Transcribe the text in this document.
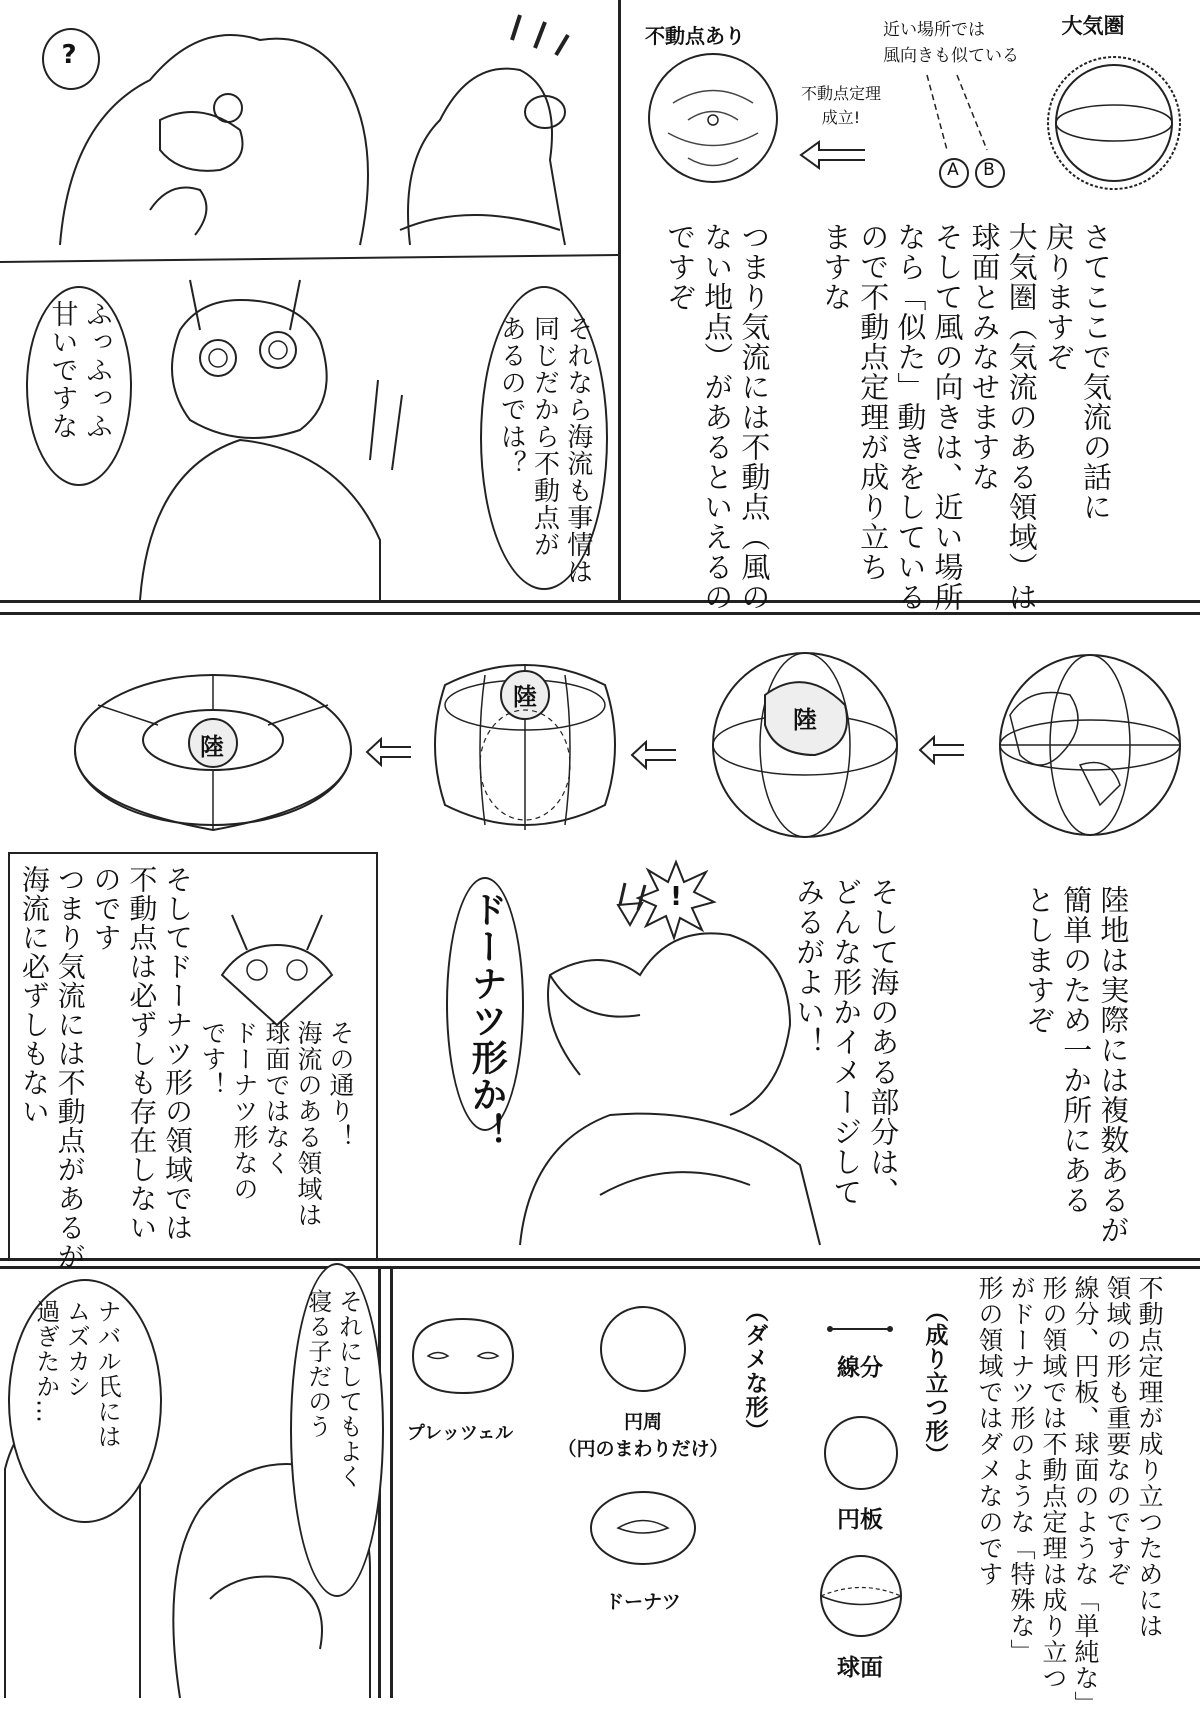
?
ふっふっふ
甘いですな	それなら海流も事情は
同じだから不動点が
あるのでは？
不動点あり
不動点定理
成立!
近い場所では
風向きも似ている
A	B
大気圏
さてここで気流の話に
戻りますぞ
大気圏（気流のある領域）は
球面とみなせますな
そして風の向きは、近い場所
なら「似た」動きをしている
ので不動点定理が成り立ち
ますな
つまり気流には不動点（風の
ない地点）があるといえるの
ですぞ
陸
陸
陸
陸地は実際には複数あるが
簡単のため一か所にある
としますぞ
そして海のある部分は、
どんな形かイメージして
みるがよい！
!
ドーナツ形か！
そしてドーナツ形の領域では
不動点は必ずしも存在しない
のです
つまり気流には不動点があるが
海流に必ずしもない	その通り！
海流のある領域は
球面ではなく
ドーナツ形なの
です！
ナバル氏には
ムズカシ
過ぎたか…	それにしてもよく
寝る子だのう	不動点定理が成り立つためには
領域の形も重要なのですぞ
線分、円板、球面のような「単純な」
形の領域では不動点定理は成り立つ
がドーナツ形のような「特殊な」
形の領域ではダメなのです
（成り立つ形）
（ダメな形）	線分
円板
球面
プレッツェル
円周
（円のまわりだけ）
ドーナツ
